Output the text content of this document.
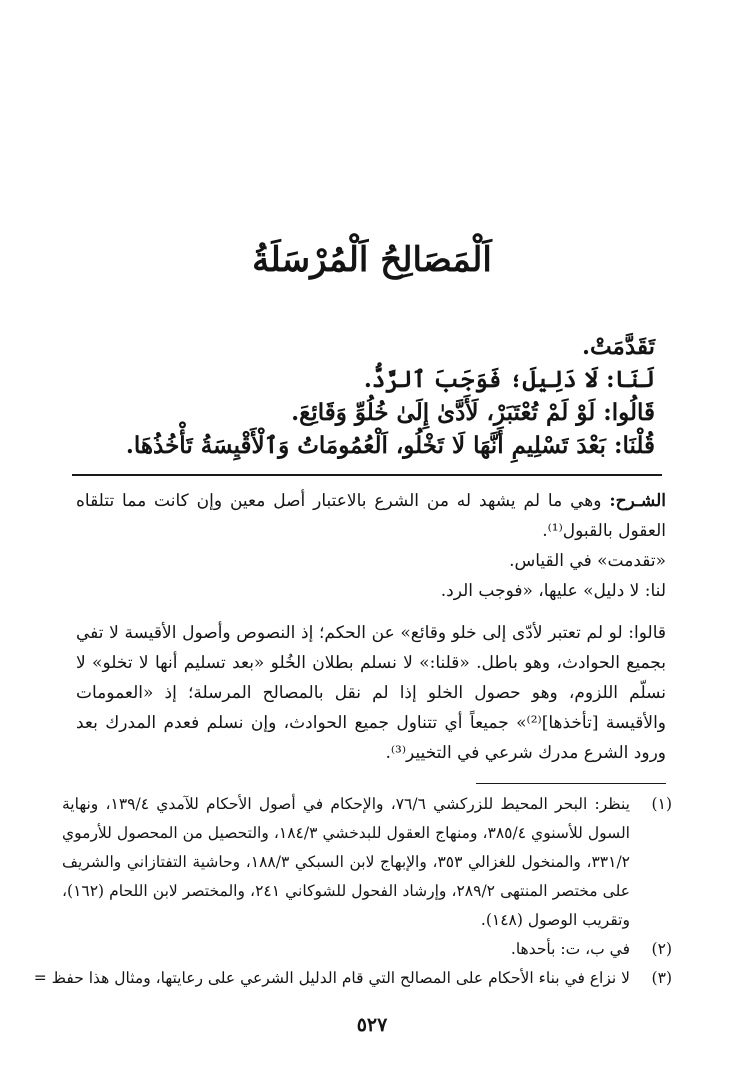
اَلْمَصَالِحُ اَلْمُرْسَلَةُ
تَقَدَّمَتْ.
لَنَا: لَا دَلِيلَ؛ فَوَجَبَ ٱلرَّدُّ.
قَالُوا: لَوْ لَمْ تُعْتَبَرْ، لَأَدَّىٰ إِلَىٰ خُلُوِّ وَقَائِعَ.
قُلْنَا: بَعْدَ تَسْلِيمِ أَنَّهَا لَا تَخْلُو، اَلْعُمُومَاتُ وَٱلْأَقْيِسَةُ تَأْخُذُهَا.

الشـرح: وهي ما لم يشهد له من الشرع بالاعتبار أصل معين وإن كانت مما تتلقاه العقول بالقبول⁽¹⁾.

«تقدمت» في القياس.

لنا: لا دليل» عليها، «فوجب الرد.

قالوا: لو لم تعتبر لأدّى إلى خلو وقائع» عن الحكم؛ إذ النصوص وأصول الأقيسة لا تفي بجميع الحوادث، وهو باطل. «قلنا:» لا نسلم بطلان الخُلو «بعد تسليم أنها لا تخلو» لا نسلّم اللزوم، وهو حصول الخلو إذا لم نقل بالمصالح المرسلة؛ إذ «العمومات والأقيسة [تأخذها]⁽²⁾» جميعاً أي تتناول جميع الحوادث، وإن نسلم فعدم المدرك بعد ورود الشرع مدرك شرعي في التخيير⁽³⁾.

(١)
ينظر: البحر المحيط للزركشي ٧٦/٦، والإحكام في أصول الأحكام للآمدي ١٣٩/٤، ونهاية السول للأسنوي ٣٨٥/٤، ومنهاج العقول للبدخشي ١٨٤/٣، والتحصيل من المحصول للأرموي ٣٣١/٢، والمنخول للغزالي ٣٥٣، والإبهاج لابن السبكي ١٨٨/٣، وحاشية التفتازاني والشريف على مختصر المنتهى ٢٨٩/٢، وإرشاد الفحول للشوكاني ٢٤١، والمختصر لابن اللحام (١٦٢)، وتقريب الوصول (١٤٨).
(٢)
في ب، ت: بأحدها.
(٣)
لا نزاع في بناء الأحكام على المصالح التي قام الدليل الشرعي على رعايتها، ومثال هذا حفظ =
٥٢٧
